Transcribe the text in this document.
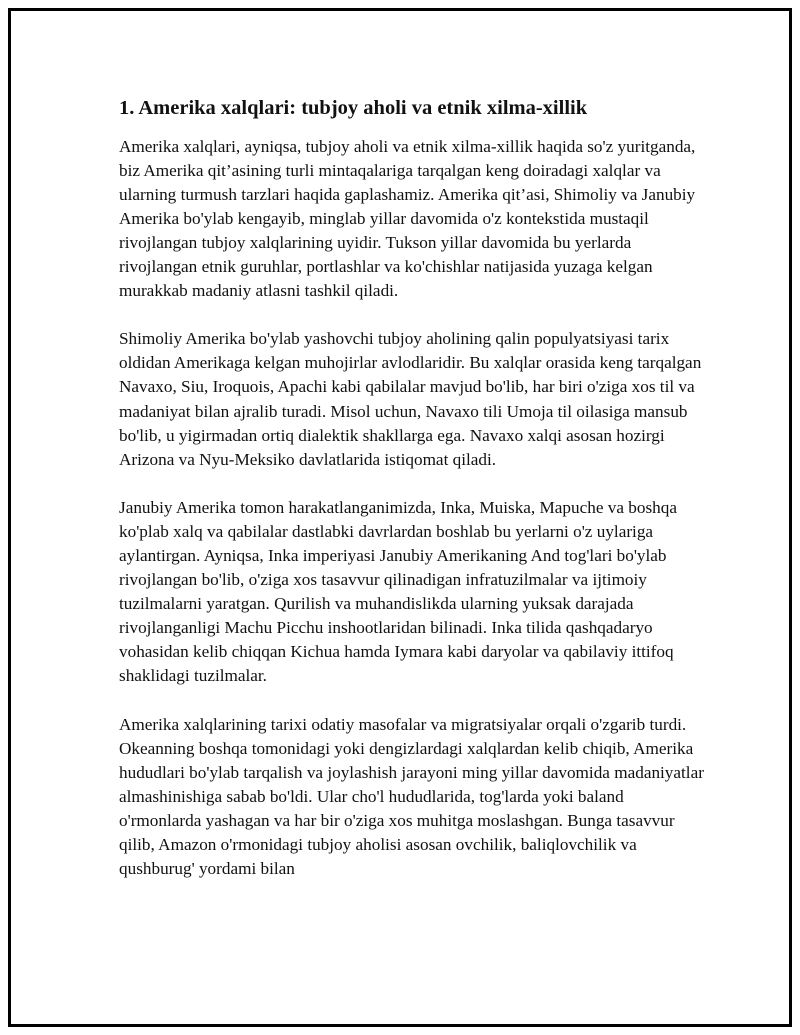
1. Amerika xalqlari: tubjoy aholi va etnik xilma-xillik

Amerika xalqlari, ayniqsa, tubjoy aholi va etnik xilma-xillik haqida so'z yuritganda, biz Amerika qit’asining turli mintaqalariga tarqalgan keng doiradagi xalqlar va ularning turmush tarzlari haqida gaplashamiz. Amerika qit’asi, Shimoliy va Janubiy Amerika bo'ylab kengayib, minglab yillar davomida o'z kontekstida mustaqil rivojlangan tubjoy xalqlarining uyidir. Tukson yillar davomida bu yerlarda rivojlangan etnik guruhlar, portlashlar va ko'chishlar natijasida yuzaga kelgan murakkab madaniy atlasni tashkil qiladi.

Shimoliy Amerika bo'ylab yashovchi tubjoy aholining qalin populyatsiyasi tarix oldidan Amerikaga kelgan muhojirlar avlodlaridir. Bu xalqlar orasida keng tarqalgan Navaxo, Siu, Iroquois, Apachi kabi qabilalar mavjud bo'lib, har biri o'ziga xos til va madaniyat bilan ajralib turadi. Misol uchun, Navaxo tili Umoja til oilasiga mansub bo'lib, u yigirmadan ortiq dialektik shakllarga ega. Navaxo xalqi asosan hozirgi Arizona va Nyu-Meksiko davlatlarida istiqomat qiladi.

Janubiy Amerika tomon harakatlanganimizda, Inka, Muiska, Mapuche va boshqa ko'plab xalq va qabilalar dastlabki davrlardan boshlab bu yerlarni o'z uylariga aylantirgan. Ayniqsa, Inka imperiyasi Janubiy Amerikaning And tog'lari bo'ylab rivojlangan bo'lib, o'ziga xos tasavvur qilinadigan infratuzilmalar va ijtimoiy tuzilmalarni yaratgan. Qurilish va muhandislikda ularning yuksak darajada rivojlanganligi Machu Picchu inshootlaridan bilinadi. Inka tilida qashqadaryo vohasidan kelib chiqqan Kichua hamda Iymara kabi daryolar va qabilaviy ittifoq shaklidagi tuzilmalar.

Amerika xalqlarining tarixi odatiy masofalar va migratsiyalar orqali o'zgarib turdi. Okeanning boshqa tomonidagi yoki dengizlardagi xalqlardan kelib chiqib, Amerika hududlari bo'ylab tarqalish va joylashish jarayoni ming yillar davomida madaniyatlar almashinishiga sabab bo'ldi. Ular cho'l hududlarida, tog'larda yoki baland o'rmonlarda yashagan va har bir o'ziga xos muhitga moslashgan. Bunga tasavvur qilib, Amazon o'rmonidagi tubjoy aholisi asosan ovchilik, baliqlovchilik va qushburug' yordami bilan
